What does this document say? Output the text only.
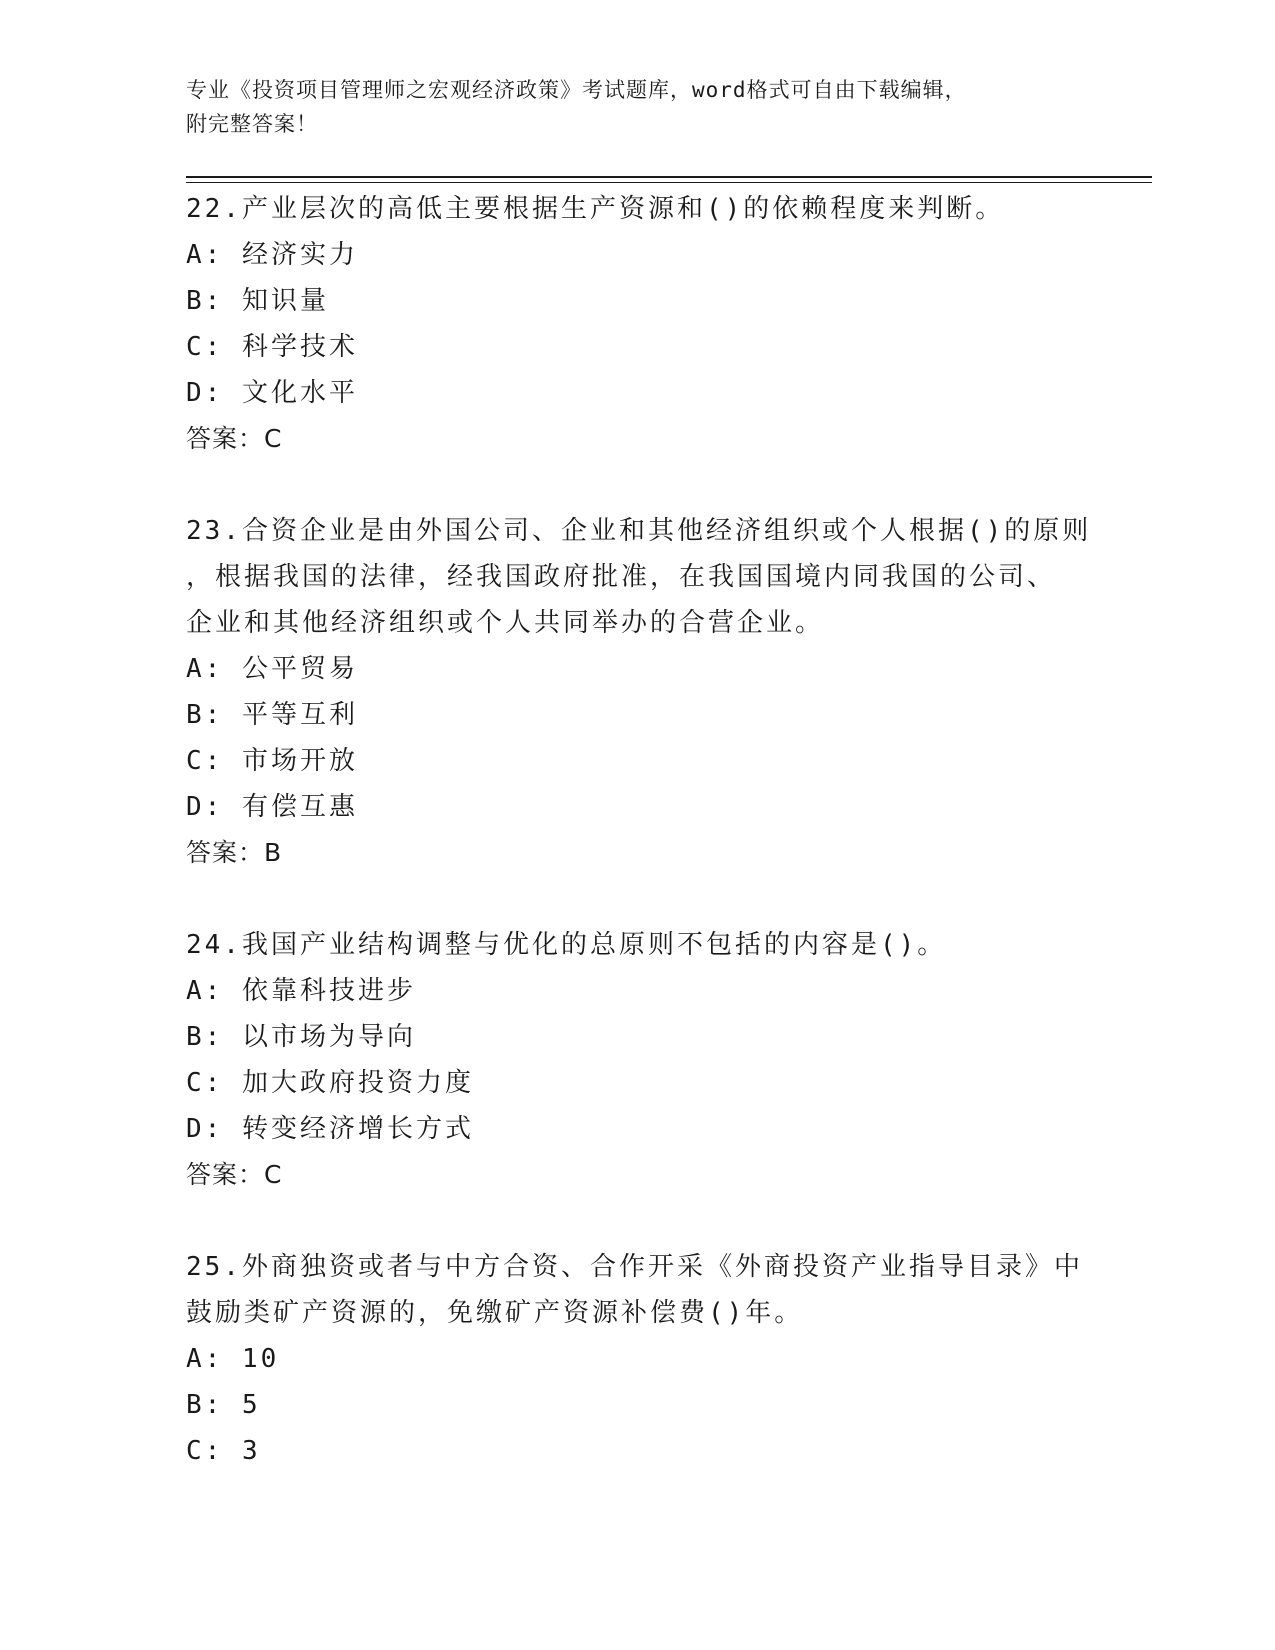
专业《投资项目管理师之宏观经济政策》考试题库，word格式可自由下载编辑，
附完整答案！
22.产业层次的高低主要根据生产资源和()的依赖程度来判断。
A: 经济实力
B: 知识量
C: 科学技术
D: 文化水平
答案：C
23.合资企业是由外国公司、企业和其他经济组织或个人根据()的原则
，根据我国的法律，经我国政府批准，在我国国境内同我国的公司、
企业和其他经济组织或个人共同举办的合营企业。
A: 公平贸易
B: 平等互利
C: 市场开放
D: 有偿互惠
答案：B
24.我国产业结构调整与优化的总原则不包括的内容是()。
A: 依靠科技进步
B: 以市场为导向
C: 加大政府投资力度
D: 转变经济增长方式
答案：C
25.外商独资或者与中方合资、合作开采《外商投资产业指导目录》中
鼓励类矿产资源的，免缴矿产资源补偿费()年。
A: 10
B: 5
C: 3
